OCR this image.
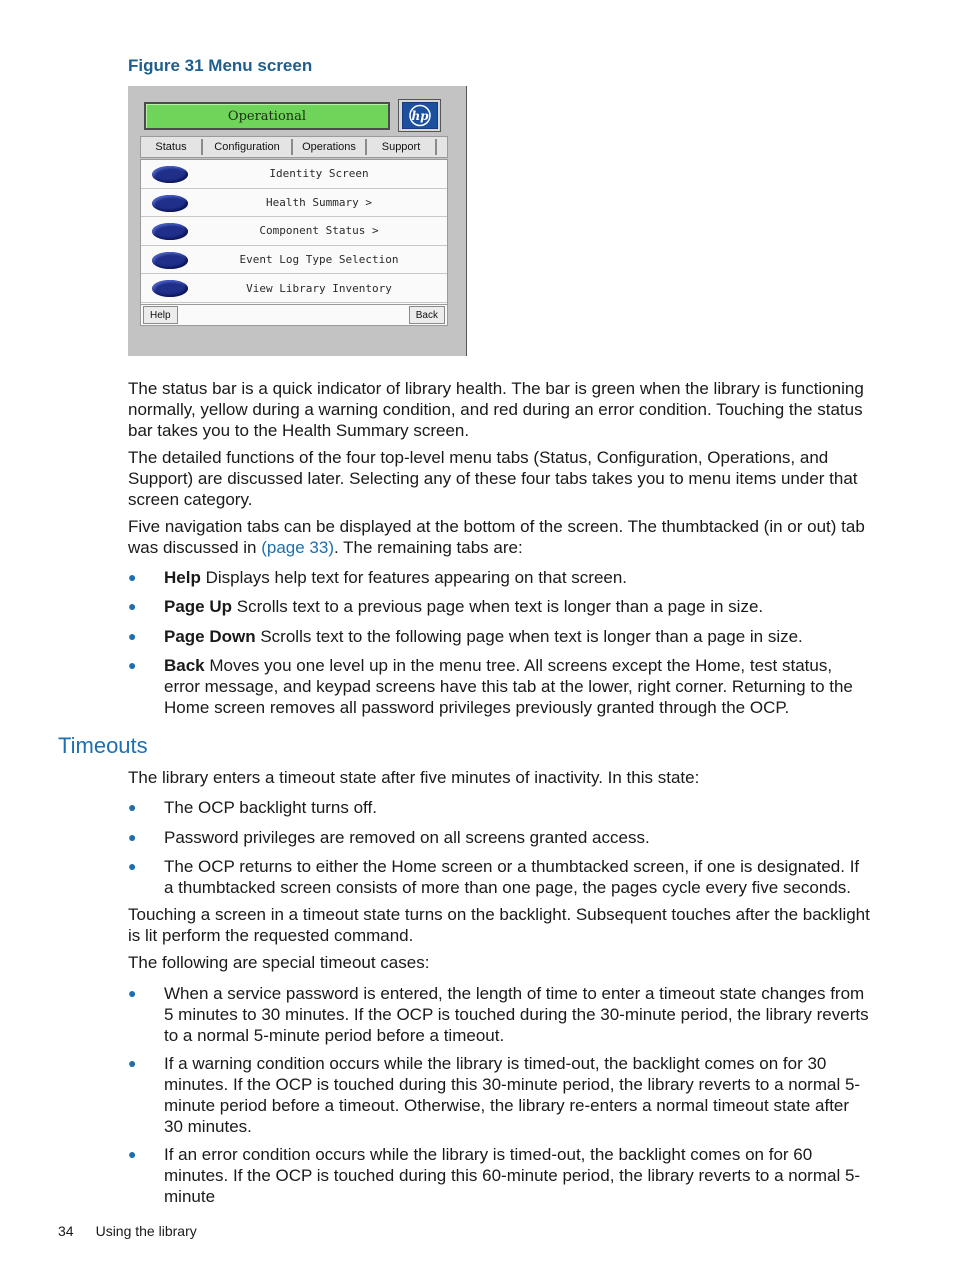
Figure 31 Menu screen
Operational	hp
Status	Configuration	Operations	Support
Identity Screen
Health Summary >
Component Status >
Event Log Type Selection
View Library Inventory
Help	Back
The status bar is a quick indicator of library health. The bar is green when the library is functioning normally, yellow during a warning condition, and red during an error condition. Touching the status bar takes you to the Health Summary screen.
The detailed functions of the four top-level menu tabs (Status, Configuration, Operations, and Support) are discussed later. Selecting any of these four tabs takes you to menu items under that screen category.
Five navigation tabs can be displayed at the bottom of the screen. The thumbtacked (in or out) tab was discussed in (page 33). The remaining tabs are:
● Help Displays help text for features appearing on that screen.
● Page Up Scrolls text to a previous page when text is longer than a page in size.
● Page Down Scrolls text to the following page when text is longer than a page in size.
● Back Moves you one level up in the menu tree. All screens except the Home, test status, error message, and keypad screens have this tab at the lower, right corner. Returning to the Home screen removes all password privileges previously granted through the OCP.
Timeouts
The library enters a timeout state after five minutes of inactivity. In this state:
● The OCP backlight turns off.
● Password privileges are removed on all screens granted access.
● The OCP returns to either the Home screen or a thumbtacked screen, if one is designated. If a thumbtacked screen consists of more than one page, the pages cycle every five seconds.
Touching a screen in a timeout state turns on the backlight. Subsequent touches after the backlight is lit perform the requested command.
The following are special timeout cases:
● When a service password is entered, the length of time to enter a timeout state changes from 5 minutes to 30 minutes. If the OCP is touched during the 30-minute period, the library reverts to a normal 5-minute period before a timeout.
● If a warning condition occurs while the library is timed-out, the backlight comes on for 30 minutes. If the OCP is touched during this 30-minute period, the library reverts to a normal 5-minute period before a timeout. Otherwise, the library re-enters a normal timeout state after 30 minutes.
● If an error condition occurs while the library is timed-out, the backlight comes on for 60 minutes. If the OCP is touched during this 60-minute period, the library reverts to a normal 5-minute
34 Using the library
